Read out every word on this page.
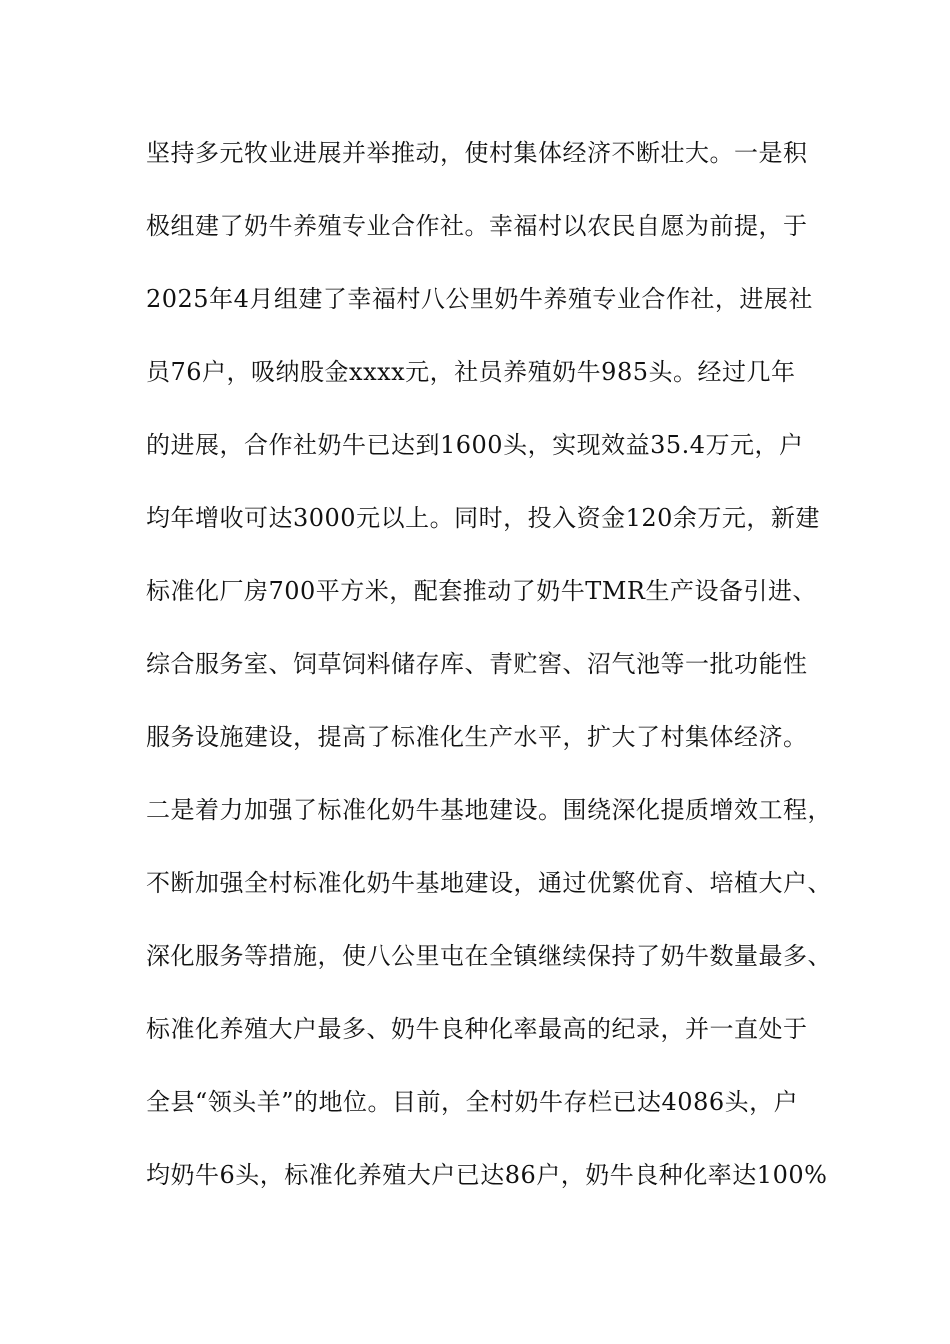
坚持多元牧业进展并举推动，使村集体经济不断壮大。一是积
极组建了奶牛养殖专业合作社。幸福村以农民自愿为前提，于
2025年4月组建了幸福村八公里奶牛养殖专业合作社，进展社
员76户，吸纳股金xxxx元，社员养殖奶牛985头。经过几年
的进展，合作社奶牛已达到1600头，实现效益35.4万元，户
均年增收可达3000元以上。同时，投入资金120余万元，新建
标准化厂房700平方米，配套推动了奶牛TMR生产设备引进、
综合服务室、饲草饲料储存库、青贮窖、沼气池等一批功能性
服务设施建设，提高了标准化生产水平，扩大了村集体经济。
二是着力加强了标准化奶牛基地建设。围绕深化提质增效工程，
不断加强全村标准化奶牛基地建设，通过优繁优育、培植大户、
深化服务等措施，使八公里屯在全镇继续保持了奶牛数量最多、
标准化养殖大户最多、奶牛良种化率最高的纪录，并一直处于
全县“领头羊”的地位。目前，全村奶牛存栏已达4086头，户
均奶牛6头，标准化养殖大户已达86户，奶牛良种化率达100%
